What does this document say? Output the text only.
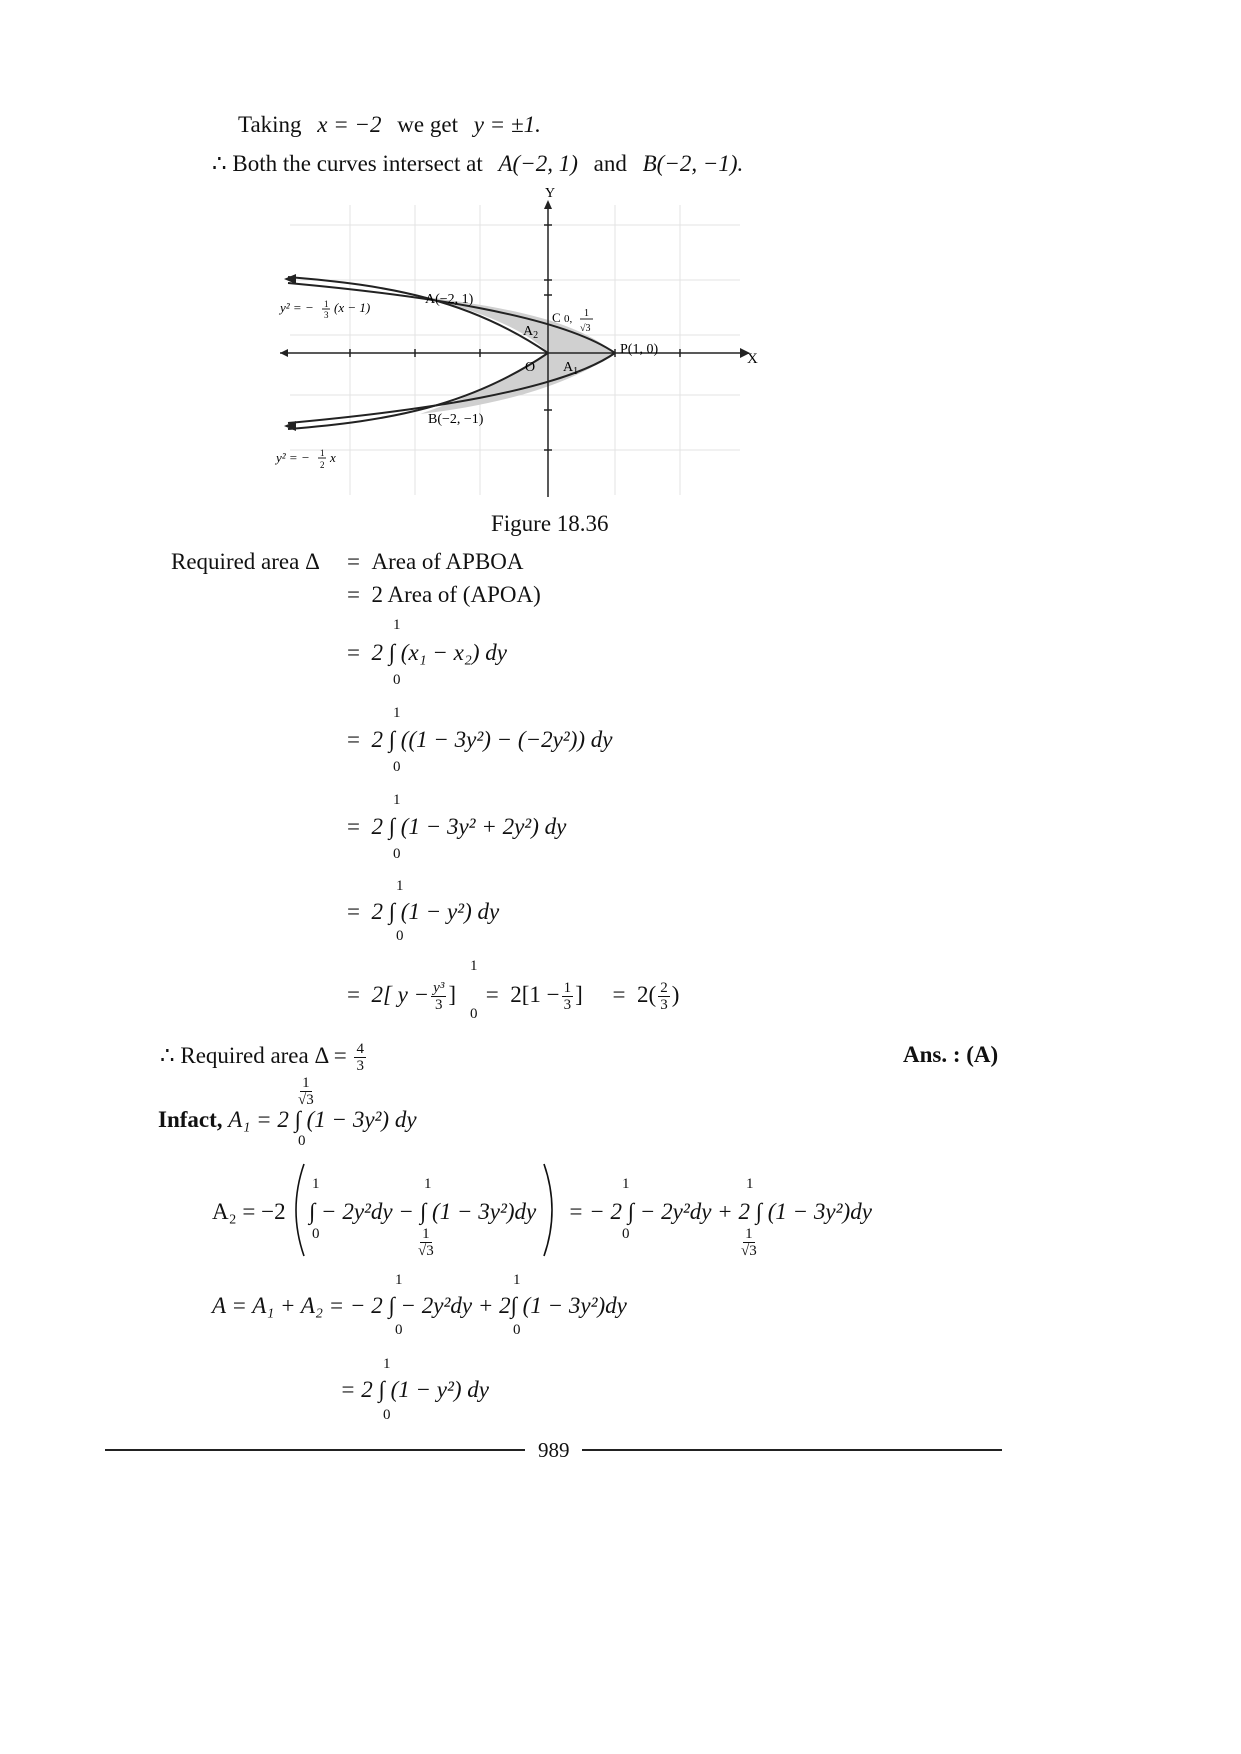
Taking x = −2 we get y = ±1.
∴ Both the curves intersect at A(−2, 1) and B(−2, −1).
Y
X
O
A(−2, 1)
B(−2, −1)
P(1, 0)
C 0, 1
√3
$A_1$
$A_2$
y² = − 1
3 (x − 1)
y² = − 1
2 x
Figure 18.36
Required area Δ = Area of APBOA
= 2 Area of (APOA)
1
= 2 ∫ (x₁ − x₂) dy
0
1
= 2 ∫ ((1 − 3y²) − (−2y²)) dy
0
1
= 2 ∫ (1 − 3y² + 2y²) dy
0
1
= 2 ∫ (1 − y²) dy
0
= 2[ $y - \frac{\text{y³}}{3}$ ] = $2[1 - \frac{1}{3}$ ] = $2( \frac{2}{3}$ )
1
0
∴ Required area $\Delta = \frac{4}{3}$	Ans. : (A)
$\frac{1}{√3}$
Infact, A₁ = 2 ∫ (1 − 3y²) dy
0
A₂ = −2
1
∫ − 2y²dy −
0
1
∫ (1 − 3y²)dy
$\frac{1}{√3}$
1	1
= − 2 ∫ − 2y²dy + 2 ∫ (1 − 3y²)dy
0	$\frac{1}{√3}$
1	1
A = A₁ + A₂ = − 2 ∫ − 2y²dy + 2∫ (1 − 3y²)dy
0	0
1
= 2 ∫ (1 − y²) dy
0
989
